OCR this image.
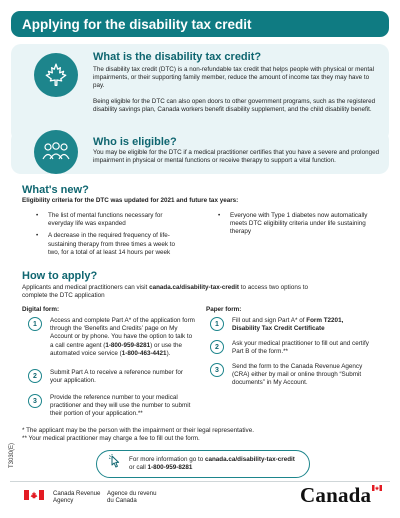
Applying for the disability tax credit
What is the disability tax credit?

The disability tax credit (DTC) is a non-refundable tax credit that helps people with physical or mental impairments, or their supporting family member, reduce the amount of income tax they may have to pay.

Being eligible for the DTC can also open doors to other government programs, such as the registered disability savings plan, Canada workers benefit disability supplement, and the child disability benefit.

Who is eligible?
You may be eligible for the DTC if a medical practitioner certifies that you have a severe and prolonged impairment in physical or mental functions or receive therapy to support a vital function.
What's new?
Eligibility criteria for the DTC was updated for 2021 and future tax years:
• The list of mental functions necessary for everyday life was expanded
• A decrease in the required frequency of life-sustaining therapy from three times a week to two, for a total of at least 14 hours per week
• Everyone with Type 1 diabetes now automatically meets DTC eligibility criteria under life sustaining therapy
How to apply?
Applicants and medical practitioners can visit canada.ca/disability-tax-credit to access two options to complete the DTC application
Digital form:	Paper form:
1	Access and complete Part A* of the application form through the ‘Benefits and Credits’ page on My Account or by phone. You have the option to talk to a call centre agent (1-800-959-8281) or use the automated voice service (1-800-463-4421).
2	Submit Part A to receive a reference number for your application.
3	Provide the reference number to your medical practitioner and they will use the number to submit their portion of your application.**
1	Fill out and sign Part A* of Form T2201, Disability Tax Credit Certificate
2	Ask your medical practitioner to fill out and certify Part B of the form.**
3	Send the form to the Canada Revenue Agency (CRA) either by mail or online through “Submit documents” in My Account.
* The applicant may be the person with the impairment or their legal representative.
** Your medical practitioner may charge a fee to fill out the form.
For more information go to canada.ca/disability-tax-credit
or call 1-800-959-8281
T3030(E)
Canada Revenue
Agency
Agence du revenu
du Canada	Canada
